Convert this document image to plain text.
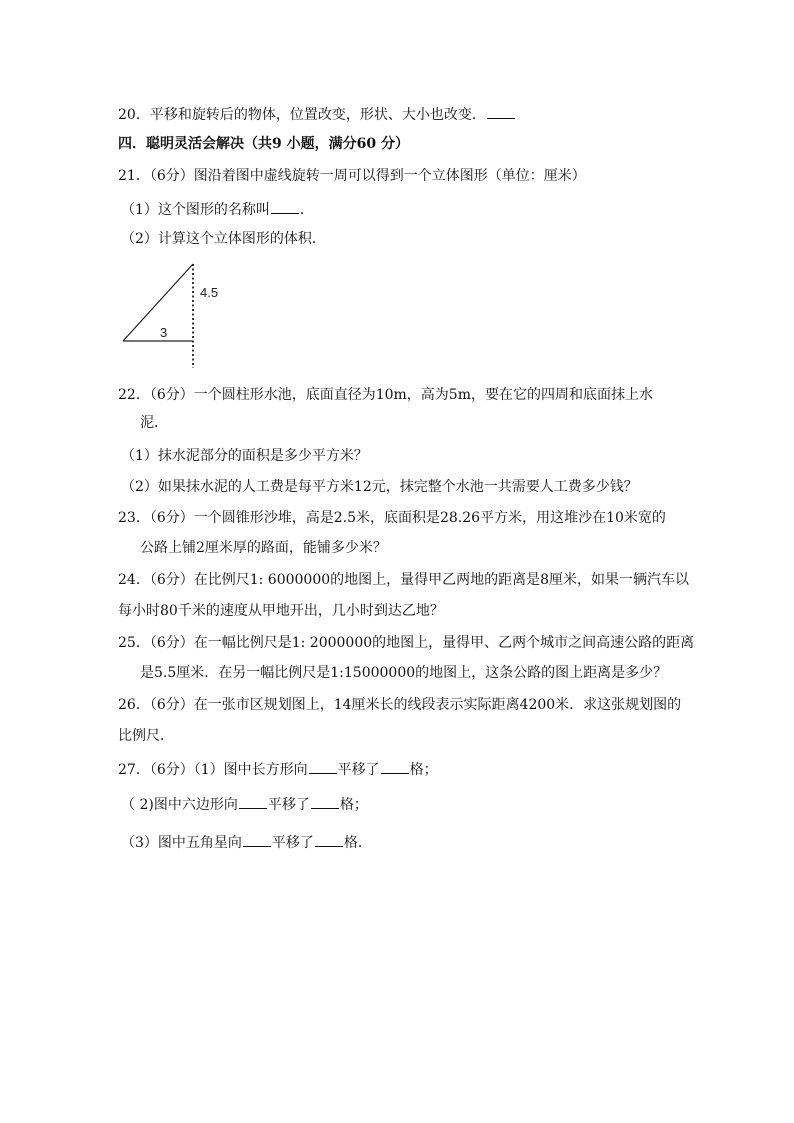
20．平移和旋转后的物体，位置改变，形状、大小也改变．
四．聪明灵活会解决（共9 小题，满分60 分）
21．（6分）图沿着图中虚线旋转一周可以得到一个立体图形（单位：厘米）
（1）这个图形的名称叫 ．
（2）计算这个立体图形的体积．
4.5
3
22．（6分）一个圆柱形水池，底面直径为10m，高为5m，要在它的四周和底面抹上水
泥．
（1）抹水泥部分的面积是多少平方米？
（2）如果抹水泥的人工费是每平方米12元，抹完整个水池一共需要人工费多少钱？
23．（6分）一个圆锥形沙堆，高是2.5米，底面积是28.26平方米，用这堆沙在10米宽的
公路上铺2厘米厚的路面，能铺多少米？
24．（6分）在比例尺1: 6000000的地图上，量得甲乙两地的距离是8厘米，如果一辆汽车以
每小时80千米的速度从甲地开出，几小时到达乙地？
25．（6分）在一幅比例尺是1: 2000000的地图上，量得甲、乙两个城市之间高速公路的距离
是5.5厘米．在另一幅比例尺是1:15000000的地图上，这条公路的图上距离是多少？
26．（6分）在一张市区规划图上，14厘米长的线段表示实际距离4200米．求这张规划图的
比例尺．
27．（6分）（1）图中长方形向 平移了 格；
（ 2)图中六边形向 平移了 格；
（3）图中五角星向 平移了 格．
